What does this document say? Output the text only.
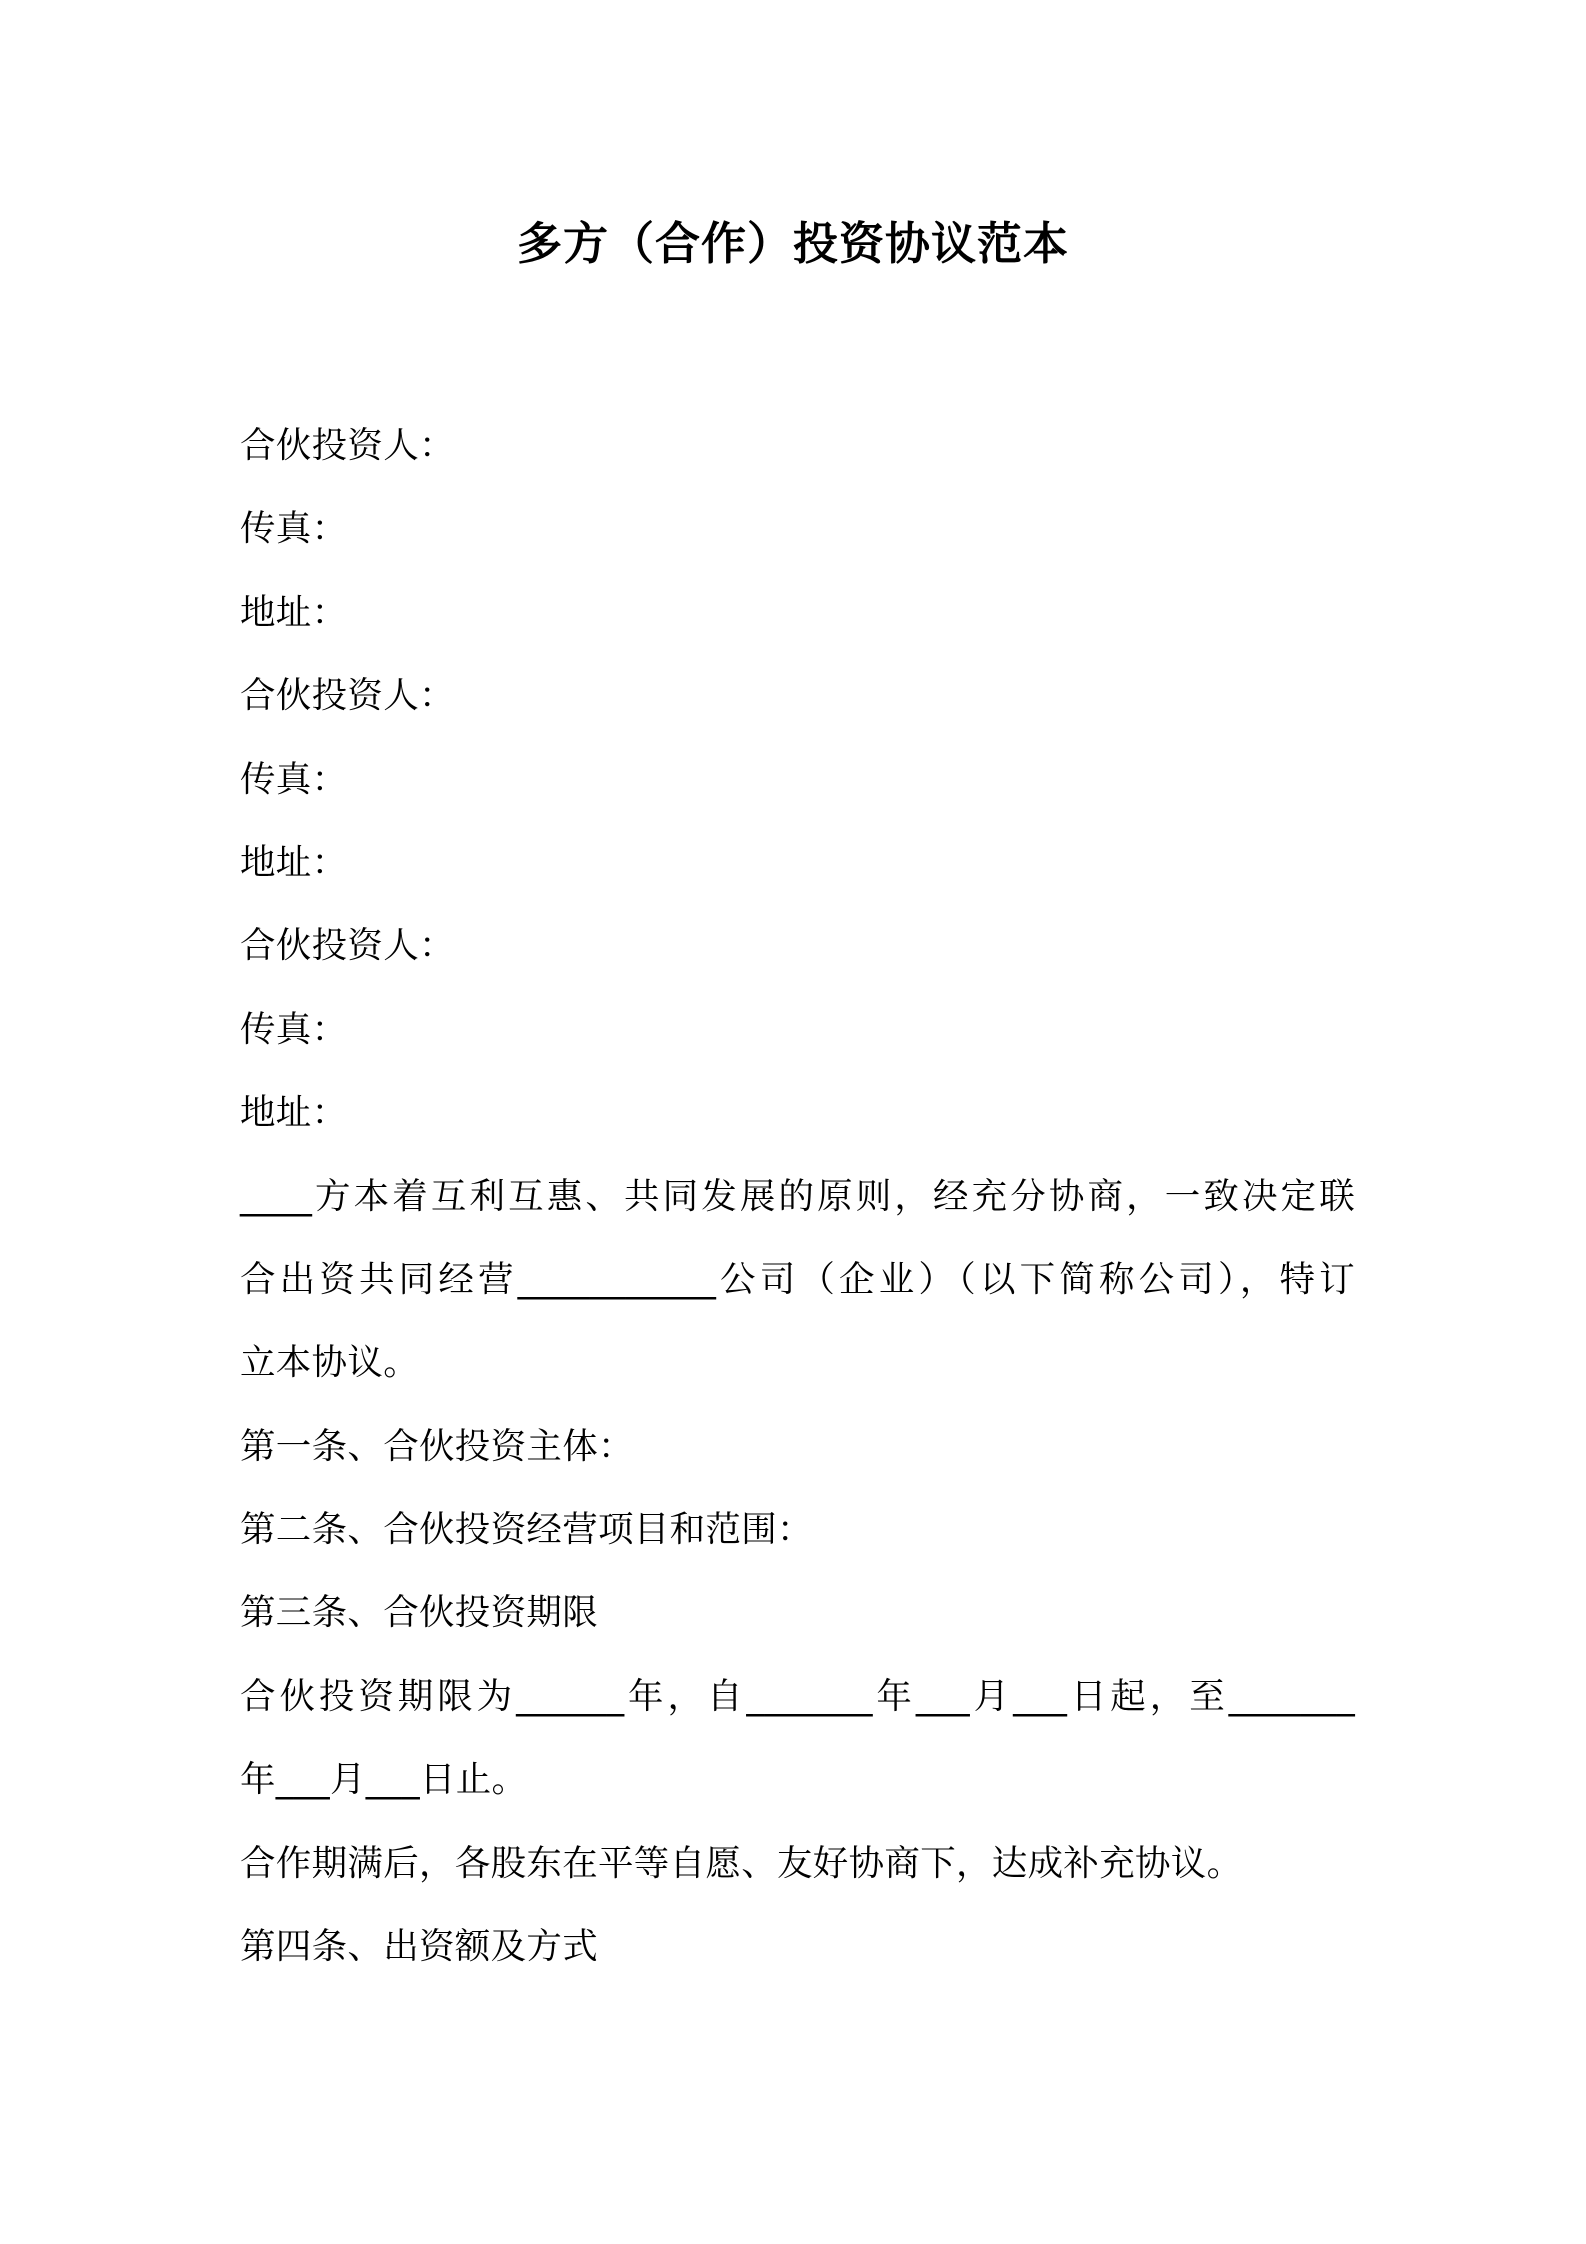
多方（合作）投资协议范本
合伙投资人：
传真：
地址：
合伙投资人：
传真：
地址：
合伙投资人：
传真：
地址：
____方本着互利互惠、共同发展的原则，经充分协商，一致决定联
合出资共同经营___________公司（企业）（以下简称公司），特订
立本协议。
第一条、合伙投资主体：
第二条、合伙投资经营项目和范围：
第三条、合伙投资期限
合伙投资期限为______年，自_______年___月___日起，至_______
年___月___日止。
合作期满后，各股东在平等自愿、友好协商下，达成补充协议。
第四条、出资额及方式
